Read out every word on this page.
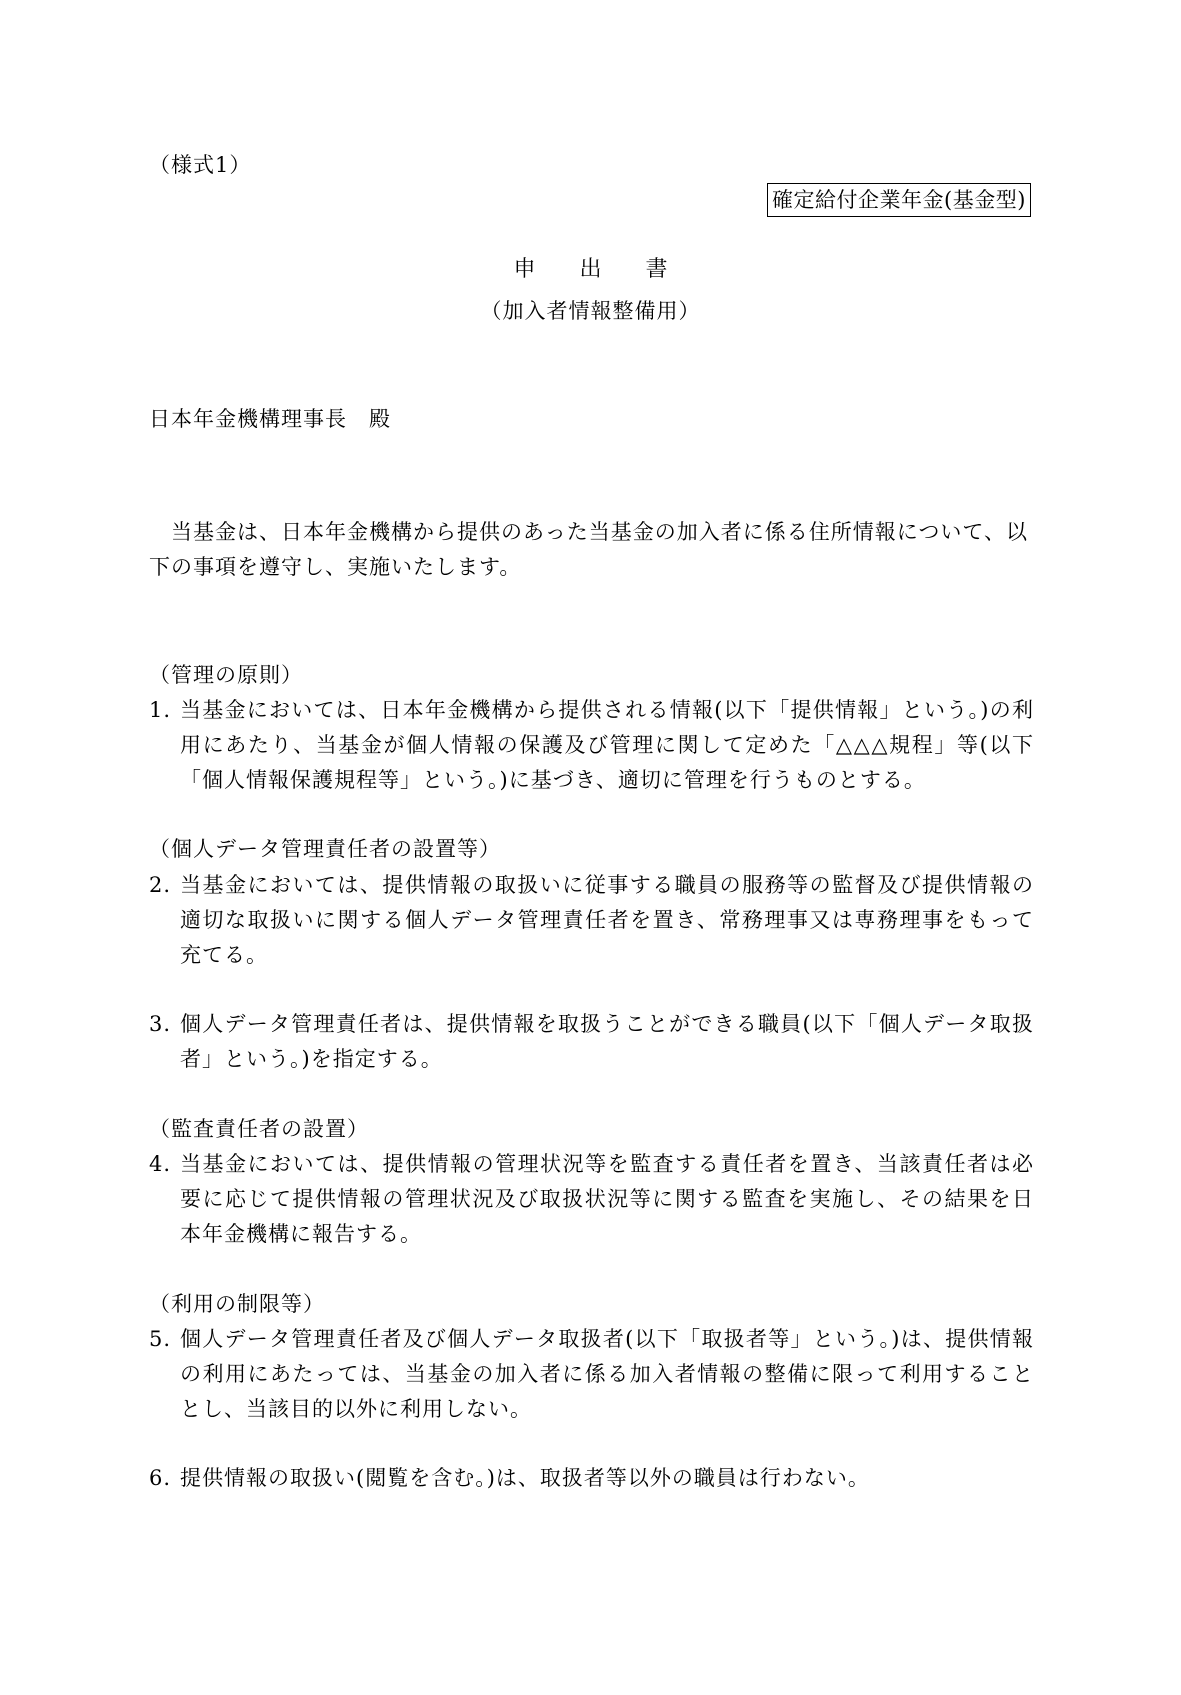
（様式1）
確定給付企業年金(基金型)
申 出 書
（加入者情報整備用）
日本年金機構理事長　殿

　当基金は、日本年金機構から提供のあった当基金の加入者に係る住所情報について、以下の事項を遵守し、実施いたします。

（管理の原則）
1. 当基金においては、日本年金機構から提供される情報(以下「提供情報」という。)の利用にあたり、当基金が個人情報の保護及び管理に関して定めた「△△△規程」等(以下「個人情報保護規程等」という。)に基づき、適切に管理を行うものとする。
（個人データ管理責任者の設置等）
2. 当基金においては、提供情報の取扱いに従事する職員の服務等の監督及び提供情報の適切な取扱いに関する個人データ管理責任者を置き、常務理事又は専務理事をもって充てる。
3. 個人データ管理責任者は、提供情報を取扱うことができる職員(以下「個人データ取扱者」という。)を指定する。
（監査責任者の設置）
4. 当基金においては、提供情報の管理状況等を監査する責任者を置き、当該責任者は必要に応じて提供情報の管理状況及び取扱状況等に関する監査を実施し、その結果を日本年金機構に報告する。
（利用の制限等）
5. 個人データ管理責任者及び個人データ取扱者(以下「取扱者等」という。)は、提供情報の利用にあたっては、当基金の加入者に係る加入者情報の整備に限って利用することとし、当該目的以外に利用しない。
6. 提供情報の取扱い(閲覧を含む。)は、取扱者等以外の職員は行わない。
